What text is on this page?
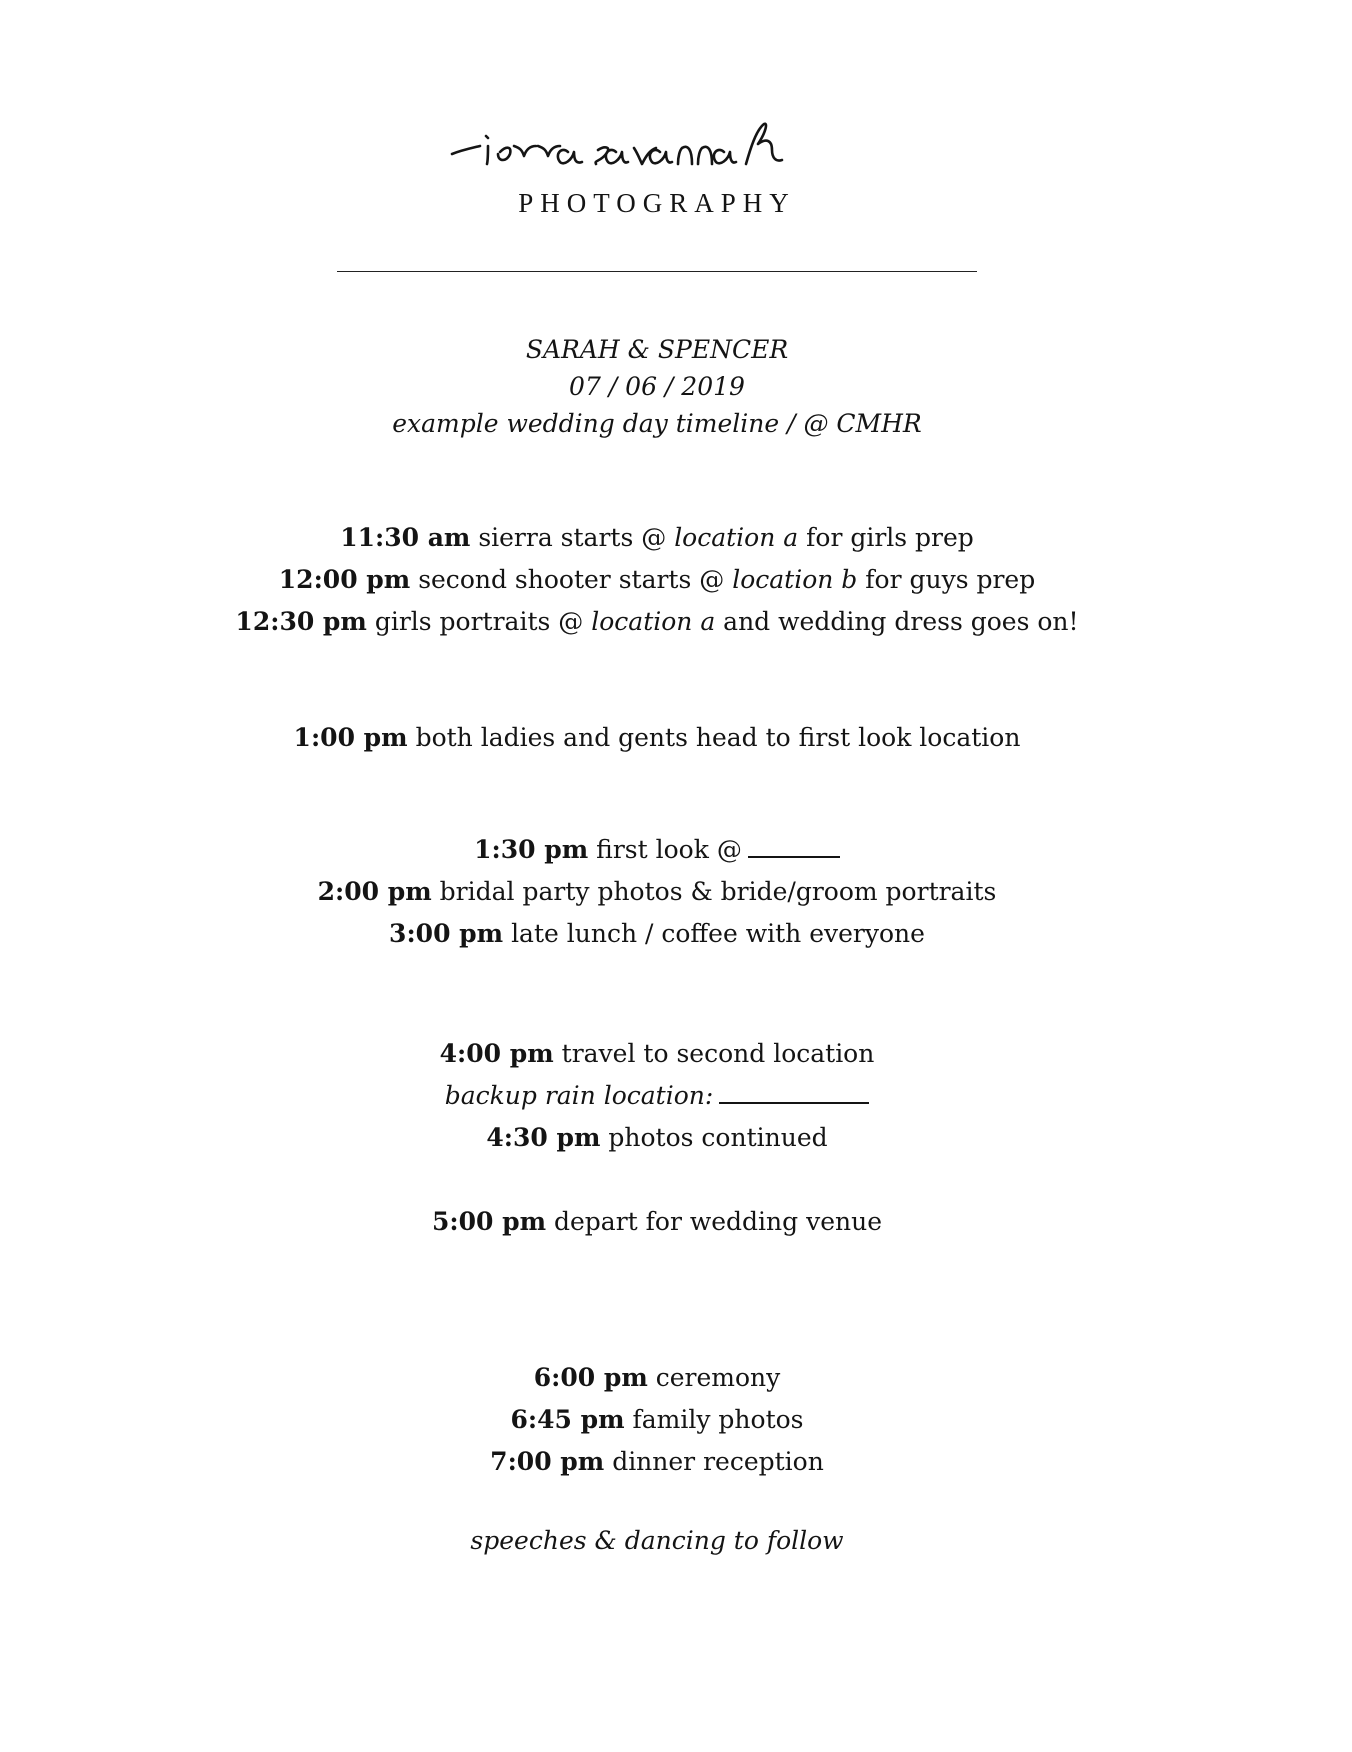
PHOTOGRAPHY
SARAH & SPENCER
07 / 06 / 2019
example wedding day timeline / @ CMHR
11:30 am sierra starts @ location a for girls prep
12:00 pm second shooter starts @ location b for guys prep
12:30 pm girls portraits @ location a and wedding dress goes on!
1:00 pm both ladies and gents head to first look location
1:30 pm first look @
2:00 pm bridal party photos & bride/groom portraits
3:00 pm late lunch / coffee with everyone
4:00 pm travel to second location
backup rain location:
4:30 pm photos continued
5:00 pm depart for wedding venue
6:00 pm ceremony
6:45 pm family photos
7:00 pm dinner reception
speeches & dancing to follow
